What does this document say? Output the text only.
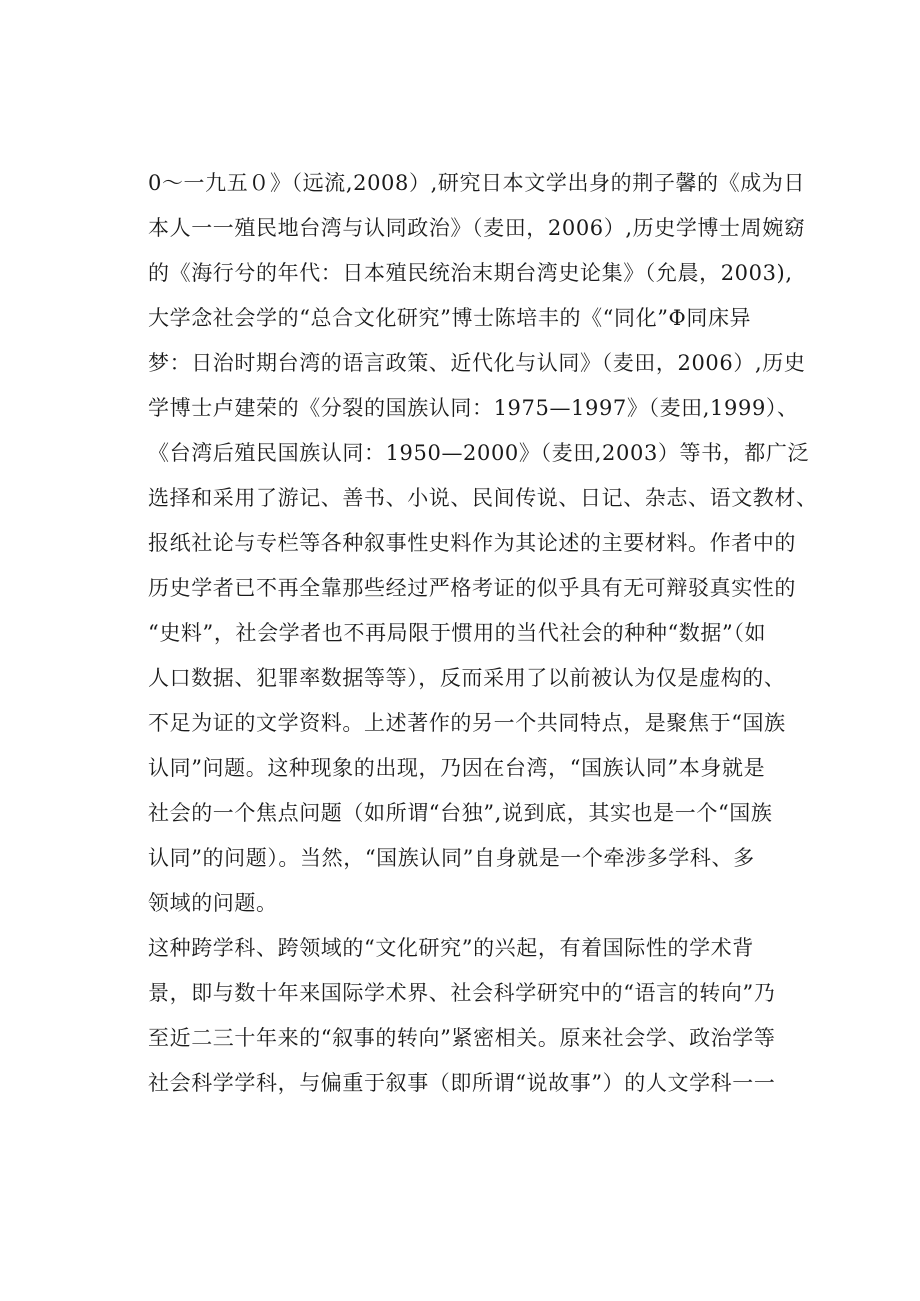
0～一九五０》（远流,2008）,研究日本文学出身的荆子馨的《成为日
本人一一殖民地台湾与认同政治》（麦田，2006）,历史学博士周婉窈
的《海行兮的年代：日本殖民统治末期台湾史论集》（允晨，2003),
大学念社会学的“总合文化研究”博士陈培丰的《“同化”Φ同床异
梦：日治时期台湾的语言政策、近代化与认同》（麦田，2006）,历史
学博士卢建荣的《分裂的国族认同：1975—1997》（麦田,1999）、
《台湾后殖民国族认同：1950—2000》（麦田,2003）等书，都广泛
选择和采用了游记、善书、小说、民间传说、日记、杂志、语文教材、
报纸社论与专栏等各种叙事性史料作为其论述的主要材料。作者中的
历史学者已不再全靠那些经过严格考证的似乎具有无可辩驳真实性的
“史料”，社会学者也不再局限于惯用的当代社会的种种“数据”（如
人口数据、犯罪率数据等等），反而采用了以前被认为仅是虚构的、
不足为证的文学资料。上述著作的另一个共同特点，是聚焦于“国族
认同”问题。这种现象的出现，乃因在台湾，“国族认同”本身就是
社会的一个焦点问题（如所谓“台独”,说到底，其实也是一个“国族
认同”的问题）。当然，“国族认同”自身就是一个牵涉多学科、多
领域的问题。
这种跨学科、跨领域的“文化研究”的兴起，有着国际性的学术背
景，即与数十年来国际学术界、社会科学研究中的“语言的转向”乃
至近二三十年来的“叙事的转向”紧密相关。原来社会学、政治学等
社会科学学科，与偏重于叙事（即所谓“说故事”）的人文学科一一
